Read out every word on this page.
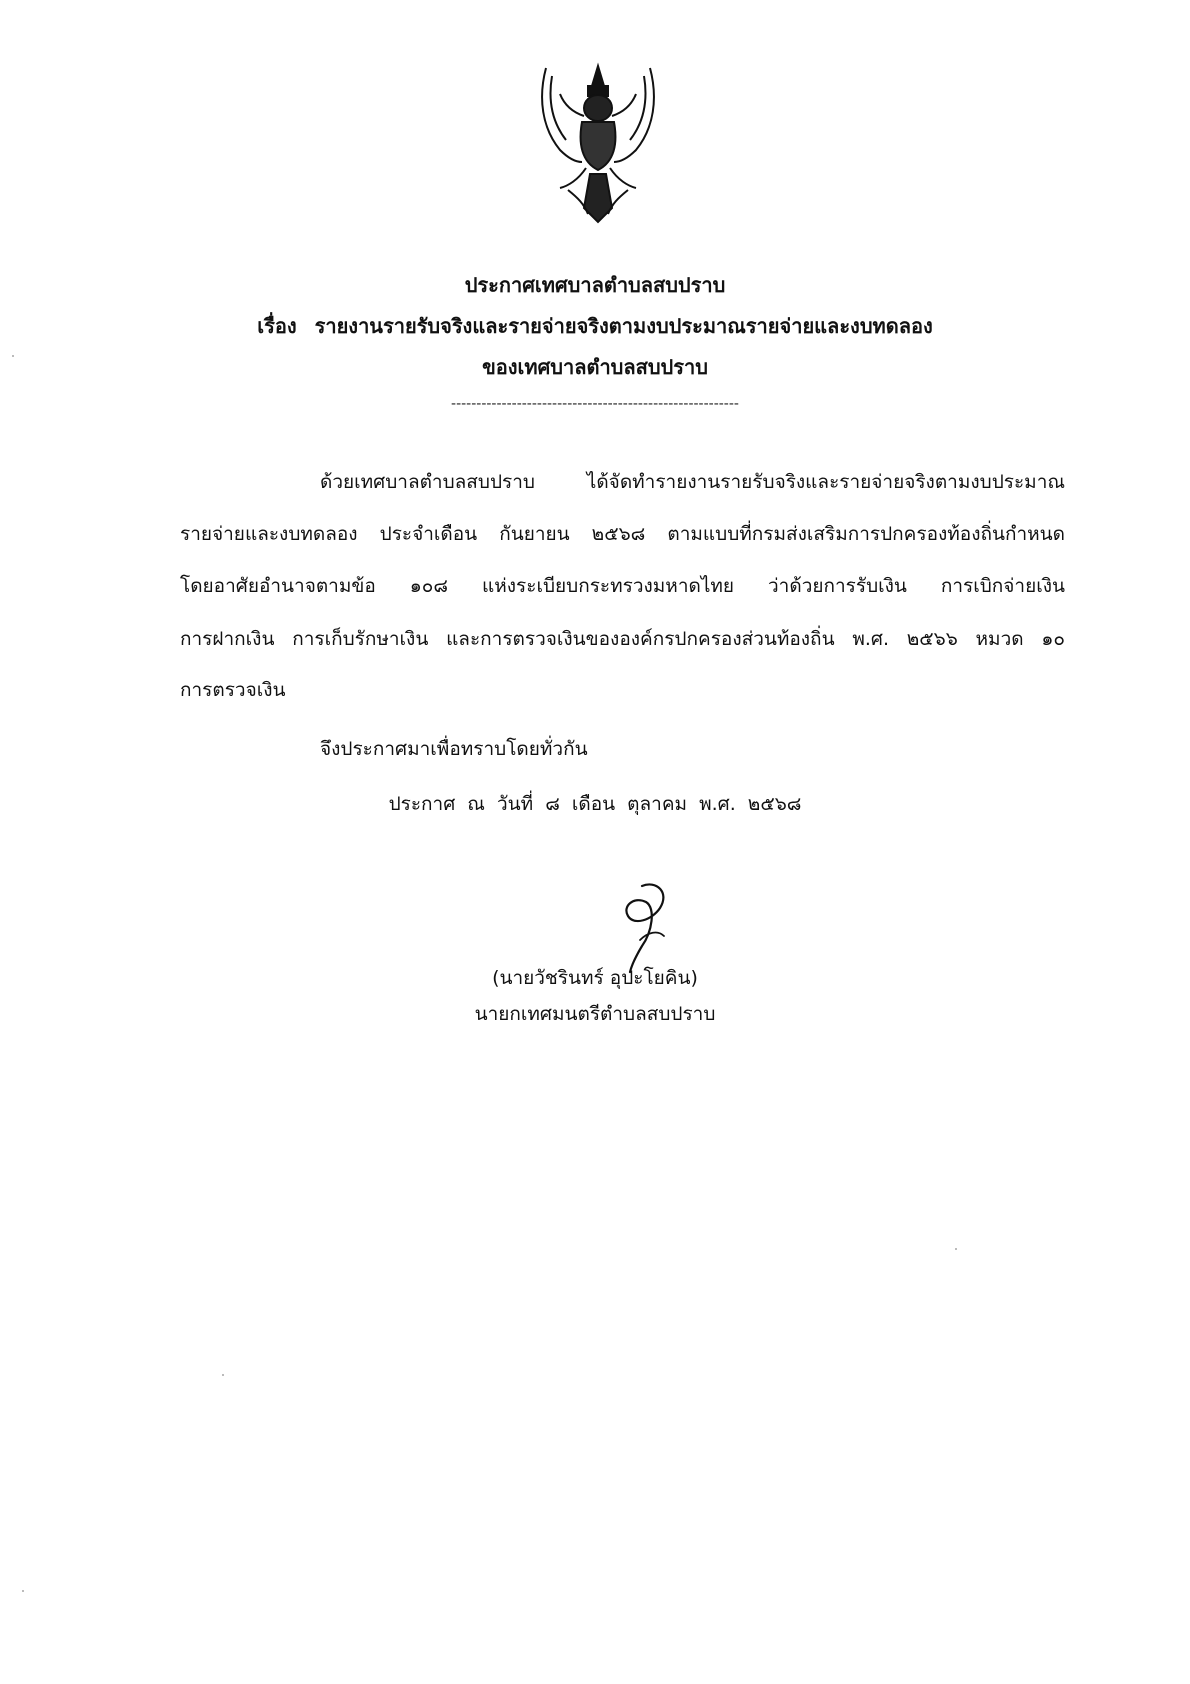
ประกาศเทศบาลตำบลสบปราบ
เรื่อง รายงานรายรับจริงและรายจ่ายจริงตามงบประมาณรายจ่ายและงบทดลอง
ของเทศบาลตำบลสบปราบ
---------------------------------------------------------
ด้วยเทศบาลตำบลสบปราบ ได้จัดทำรายงานรายรับจริงและรายจ่ายจริงตามงบประมาณ
รายจ่ายและงบทดลอง ประจำเดือน กันยายน ๒๕๖๘ ตามแบบที่กรมส่งเสริมการปกครองท้องถิ่นกำหนด
โดยอาศัยอำนาจตามข้อ ๑๐๘ แห่งระเบียบกระทรวงมหาดไทย ว่าด้วยการรับเงิน การเบิกจ่ายเงิน
การฝากเงิน การเก็บรักษาเงิน และการตรวจเงินขององค์กรปกครองส่วนท้องถิ่น พ.ศ. ๒๕๖๖ หมวด ๑๐
การตรวจเงิน
จึงประกาศมาเพื่อทราบโดยทั่วกัน
ประกาศ ณ วันที่ ๘ เดือน ตุลาคม พ.ศ. ๒๕๖๘
(นายวัชรินทร์ อุปะโยคิน)
นายกเทศมนตรีตำบลสบปราบ
